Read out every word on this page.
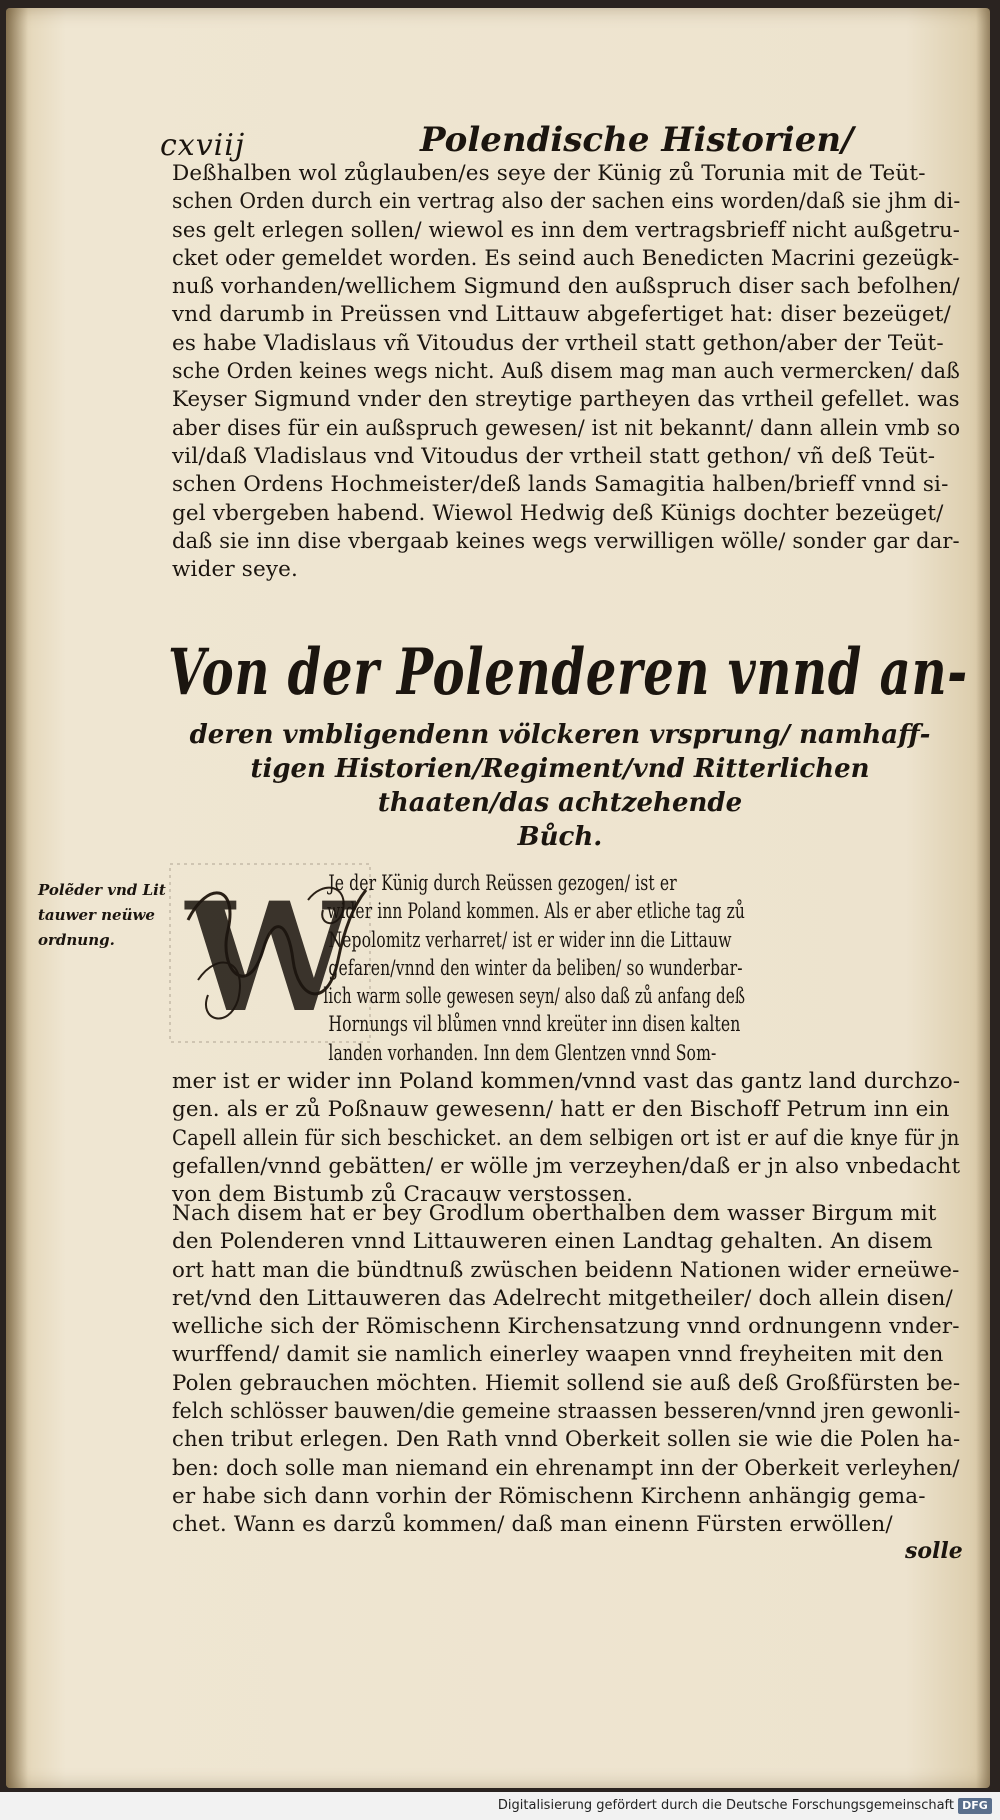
cxviij	Polendische Historien/

Deßhalben wol zůglauben/es seye der Künig zů Torunia mit de Teüt-
schen Orden durch ein vertrag also der sachen eins worden/daß sie jhm di-
ses gelt erlegen sollen/ wiewol es inn dem vertragsbrieff nicht außgetru-
cket oder gemeldet worden. Es seind auch Benedicten Macrini gezeügk-
nuß vorhanden/wellichem Sigmund den außspruch diser sach befolhen/
vnd darumb in Preüssen vnd Littauw abgefertiget hat: diser bezeüget/
es habe Vladislaus vñ Vitoudus der vrtheil statt gethon/aber der Teüt-
sche Orden keines wegs nicht. Auß disem mag man auch vermercken/ daß
Keyser Sigmund vnder den streytige partheyen das vrtheil gefellet. was
aber dises für ein außspruch gewesen/ ist nit bekannt/ dann allein vmb so
vil/daß Vladislaus vnd Vitoudus der vrtheil statt gethon/ vñ deß Teüt-
schen Ordens Hochmeister/deß lands Samagitia halben/brieff vnnd si-
gel vbergeben habend. Wiewol Hedwig deß Künigs dochter bezeüget/
daß sie inn dise vbergaab keines wegs verwilligen wölle/ sonder gar dar-
wider seye.

Von der Polenderen vnnd an-
deren vmbligendenn völckeren vrsprung/ namhaff-
tigen Historien/Regiment/vnd Ritterlichen
thaaten/das achtzehende
Bůch.
Polẽder vnd Lit
tauwer neüwe
ordnung. W

Je der Künig durch Reüssen gezogen/ ist er
wider inn Poland kommen. Als er aber etliche tag zů
Nepolomitz verharret/ ist er wider inn die Littauw
gefaren/vnnd den winter da beliben/ so wunderbar-
lich warm solle gewesen seyn/ also daß zů anfang deß
Hornungs vil blůmen vnnd kreüter inn disen kalten
landen vorhanden. Inn dem Glentzen vnnd Som-
mer ist er wider inn Poland kommen/vnnd vast das gantz land durchzo-
gen. als er zů Poßnauw gewesenn/ hatt er den Bischoff Petrum inn ein
Capell allein für sich beschicket. an dem selbigen ort ist er auf die knye für jn
gefallen/vnnd gebätten/ er wölle jm verzeyhen/daß er jn also vnbedacht
von dem Bistumb zů Cracauw verstossen.

Nach disem hat er bey Grodlum oberthalben dem wasser Birgum mit
den Polenderen vnnd Littauweren einen Landtag gehalten. An disem
ort hatt man die bündtnuß zwüschen beidenn Nationen wider erneüwe-
ret/vnd den Littauweren das Adelrecht mitgetheiler/ doch allein disen/
welliche sich der Römischenn Kirchensatzung vnnd ordnungenn vnder-
wurffend/ damit sie namlich einerley waapen vnnd freyheiten mit den
Polen gebrauchen möchten. Hiemit sollend sie auß deß Großfürsten be-
felch schlösser bauwen/die gemeine straassen besseren/vnnd jren gewonli-
chen tribut erlegen. Den Rath vnnd Oberkeit sollen sie wie die Polen ha-
ben: doch solle man niemand ein ehrenampt inn der Oberkeit verleyhen/
er habe sich dann vorhin der Römischenn Kirchenn anhängig gema-
chet. Wann es darzů kommen/ daß man einenn Fürsten erwöllen/

solle
Digitalisierung gefördert durch die Deutsche Forschungsgemeinschaft DFG
